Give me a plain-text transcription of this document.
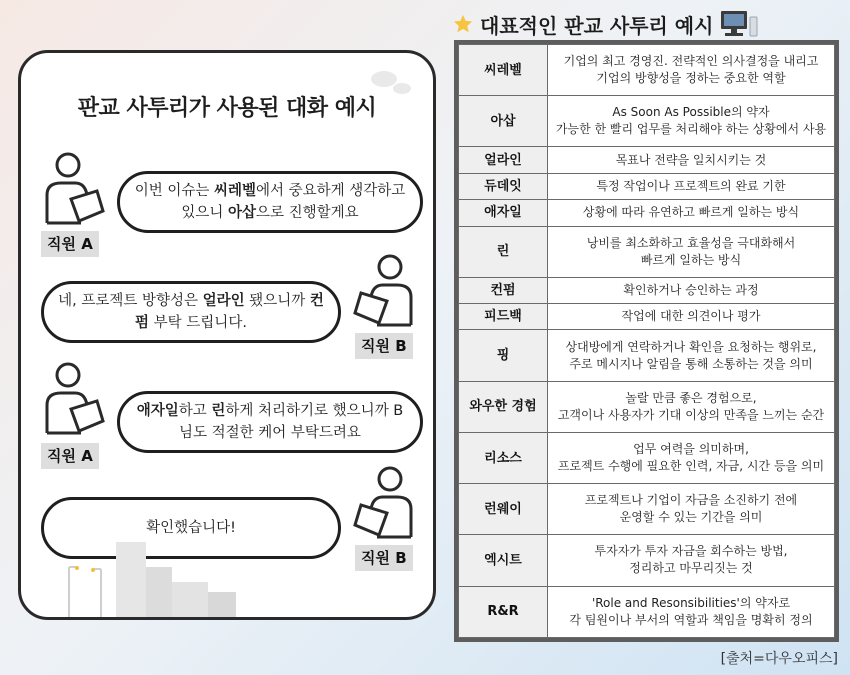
판교 사투리가 사용된 대화 예시
직원 A
이번 이슈는 씨레벨에서 중요하게 생각하고 있으니 아삽으로 진행할게요
네, 프로젝트 방향성은 얼라인 됐으니까 컨펌 부탁 드립니다.
직원 B
직원 A
애자일하고 린하게 처리하기로 했으니까 B님도 적절한 케어 부탁드려요
확인했습니다!
직원 B
대표적인 판교 사투리 예시
씨레벨	기업의 최고 경영진. 전략적인 의사결정을 내리고
기업의 방향성을 정하는 중요한 역할

아삽	As Soon As Possible의 약자
가능한 한 빨리 업무를 처리해야 하는 상황에서 사용

얼라인	목표나 전략을 일치시키는 것

듀데잇	특정 작업이나 프로젝트의 완료 기한

애자일	상황에 따라 유연하고 빠르게 일하는 방식

린	낭비를 최소화하고 효율성을 극대화해서
빠르게 일하는 방식

컨펌	확인하거나 승인하는 과정

피드백	작업에 대한 의견이나 평가

핑	상대방에게 연락하거나 확인을 요청하는 행위로,
주로 메시지나 알림을 통해 소통하는 것을 의미

와우한 경험	놀랄 만큼 좋은 경험으로,
고객이나 사용자가 기대 이상의 만족을 느끼는 순간

리소스	업무 여력을 의미하며,
프로젝트 수행에 필요한 인력, 자금, 시간 등을 의미

런웨이	프로젝트나 기업이 자금을 소진하기 전에
운영할 수 있는 기간을 의미

엑시트	투자자가 투자 자금을 회수하는 방법,
정리하고 마무리짓는 것

R&R	'Role and Resonsibilities'의 약자로
각 팀원이나 부서의 역할과 책임을 명확히 정의
[출처=다우오피스]
